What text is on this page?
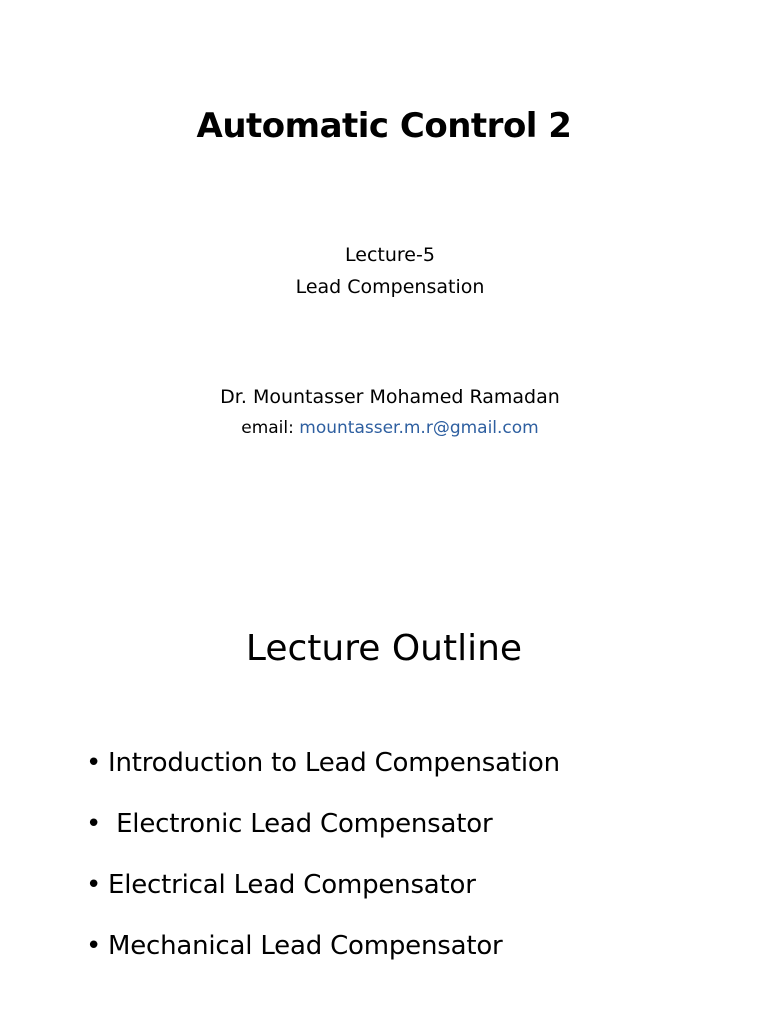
Automatic Control 2
Lecture-5
Lead Compensation
Dr. Mountasser Mohamed Ramadan
email: mountasser.m.r@gmail.com
Lecture Outline
• Introduction to Lead Compensation
• Electronic Lead Compensator
• Electrical Lead Compensator
• Mechanical Lead Compensator
